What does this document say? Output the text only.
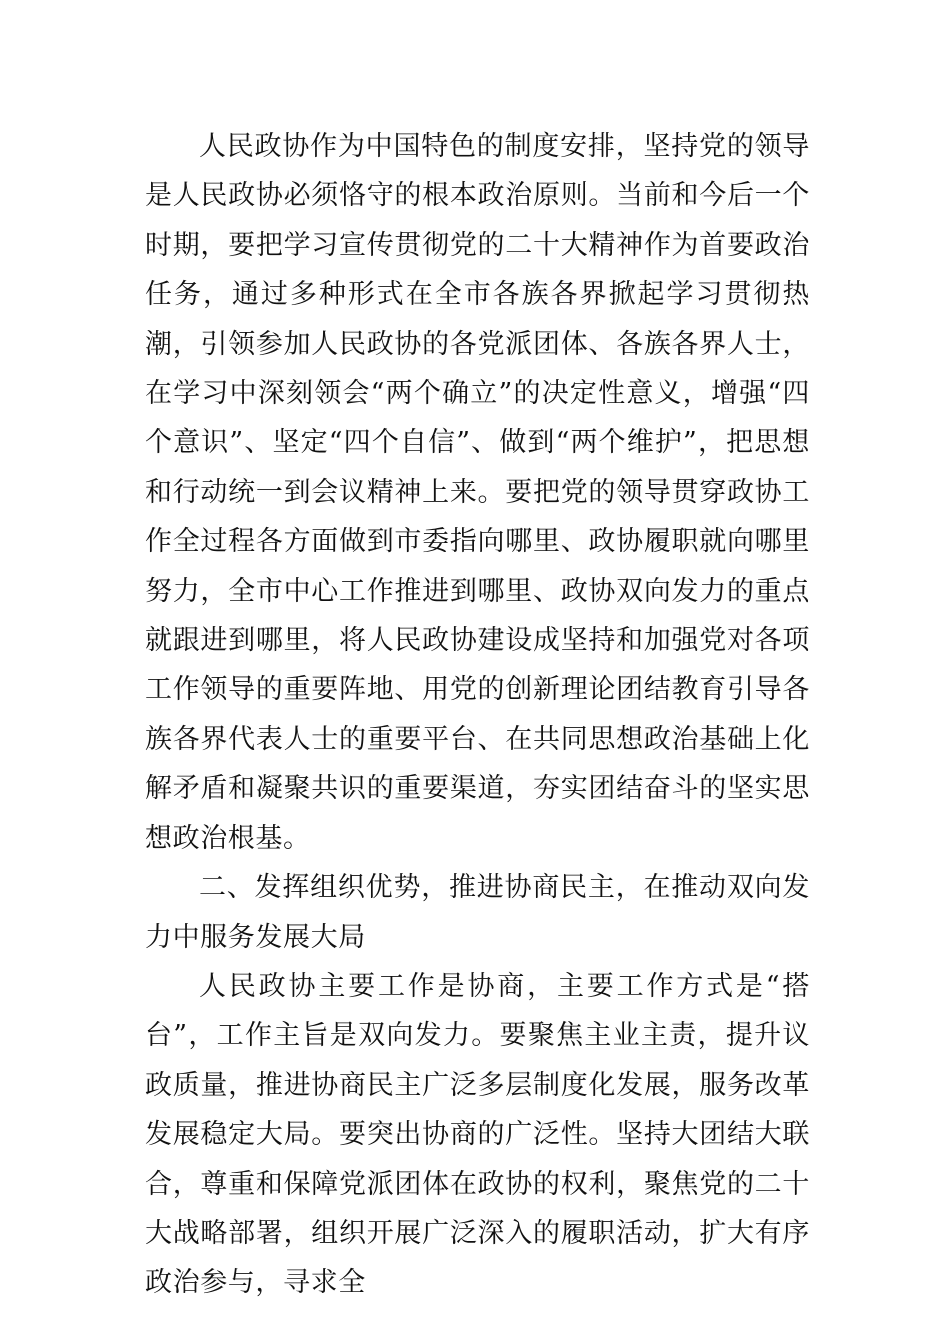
人民政协作为中国特色的制度安排，坚持党的领导是人民政协必须恪守的根本政治原则。当前和今后一个时期，要把学习宣传贯彻党的二十大精神作为首要政治任务，通过多种形式在全市各族各界掀起学习贯彻热潮，引领参加人民政协的各党派团体、各族各界人士，在学习中深刻领会“两个确立”的决定性意义，增强“四个意识”、坚定“四个自信”、做到“两个维护”，把思想和行动统一到会议精神上来。要把党的领导贯穿政协工作全过程各方面做到市委指向哪里、政协履职就向哪里努力，全市中心工作推进到哪里、政协双向发力的重点就跟进到哪里，将人民政协建设成坚持和加强党对各项工作领导的重要阵地、用党的创新理论团结教育引导各族各界代表人士的重要平台、在共同思想政治基础上化解矛盾和凝聚共识的重要渠道，夯实团结奋斗的坚实思想政治根基。

二、发挥组织优势，推进协商民主，在推动双向发力中服务发展大局

人民政协主要工作是协商，主要工作方式是“搭台”，工作主旨是双向发力。要聚焦主业主责，提升议政质量，推进协商民主广泛多层制度化发展，服务改革发展稳定大局。要突出协商的广泛性。坚持大团结大联合，尊重和保障党派团体在政协的权利，聚焦党的二十大战略部署，组织开展广泛深入的履职活动，扩大有序政治参与，寻求全
